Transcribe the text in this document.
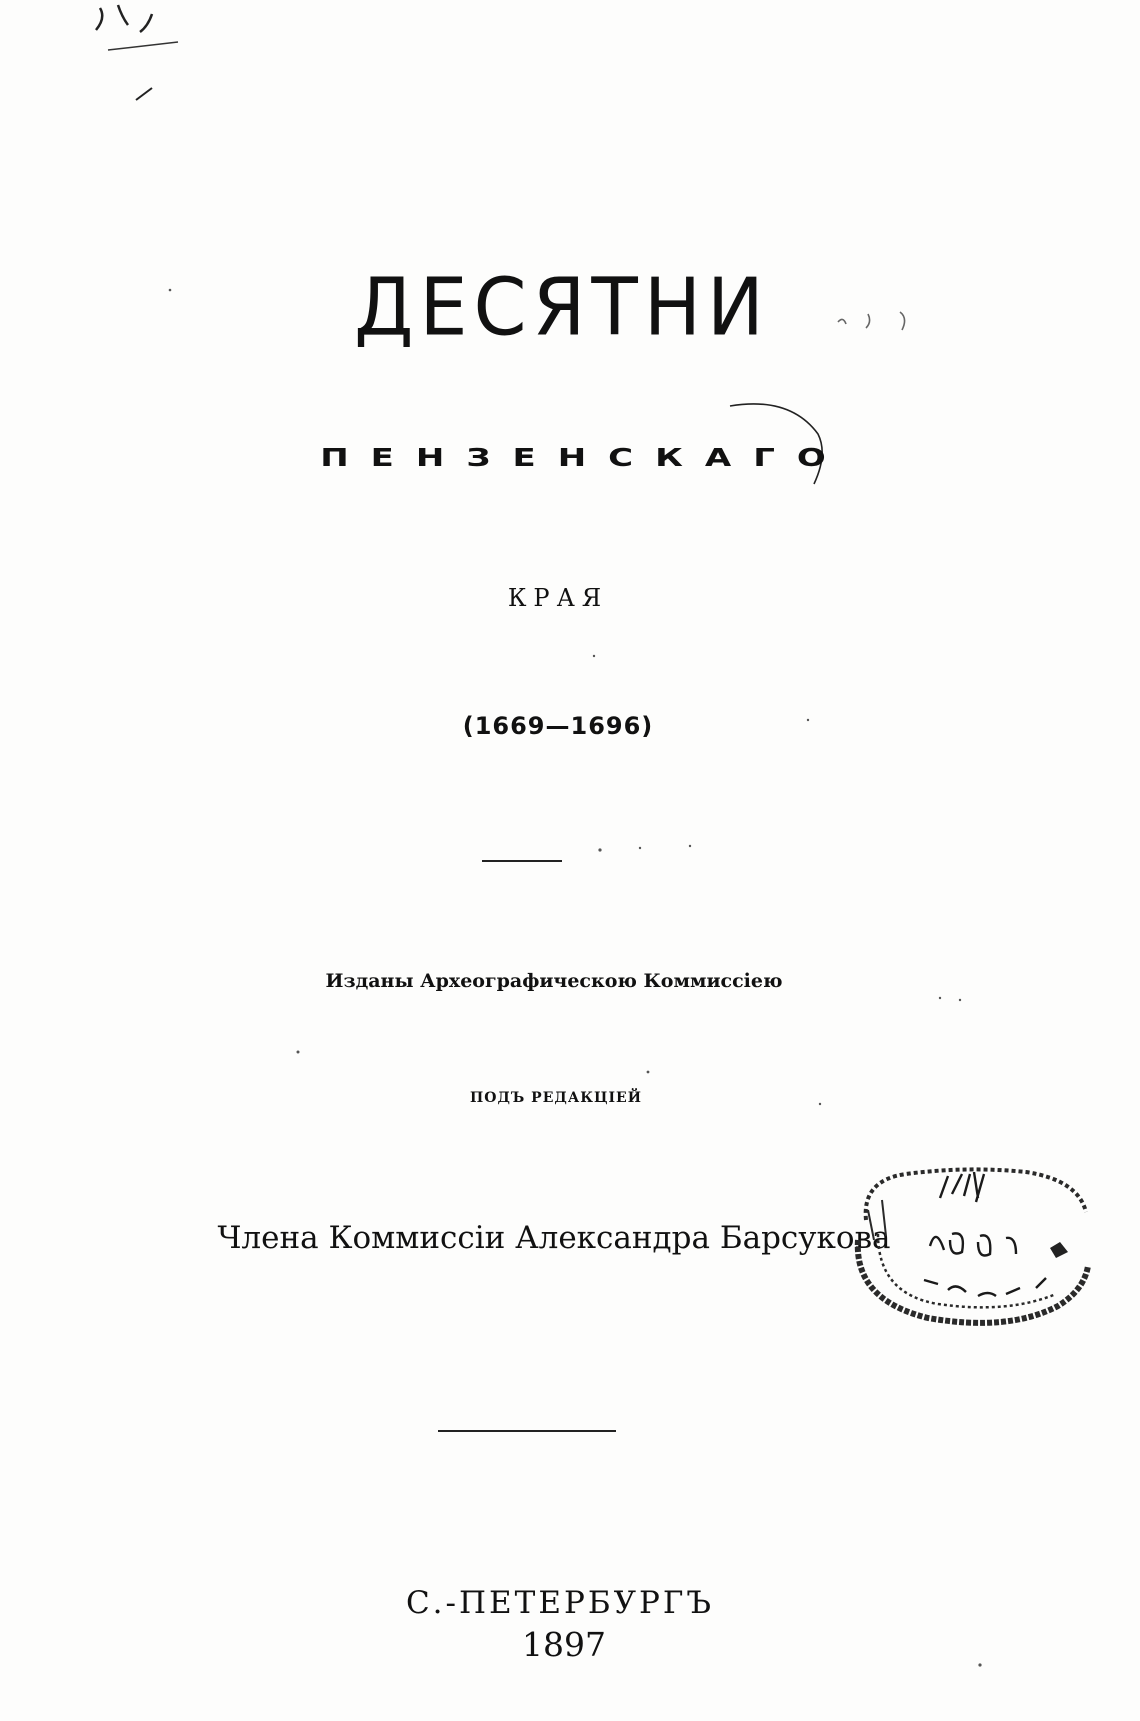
ДЕСЯТНИ
ПЕНЗЕНСКАГО
КРАЯ
(1669—1696)
Изданы Археографическою Коммиссіею
ПОДЪ РЕДАКЦІЕЙ
Члена Коммиссіи Александра Барсукова
С.-ПЕТЕРБУРГЪ
1897
